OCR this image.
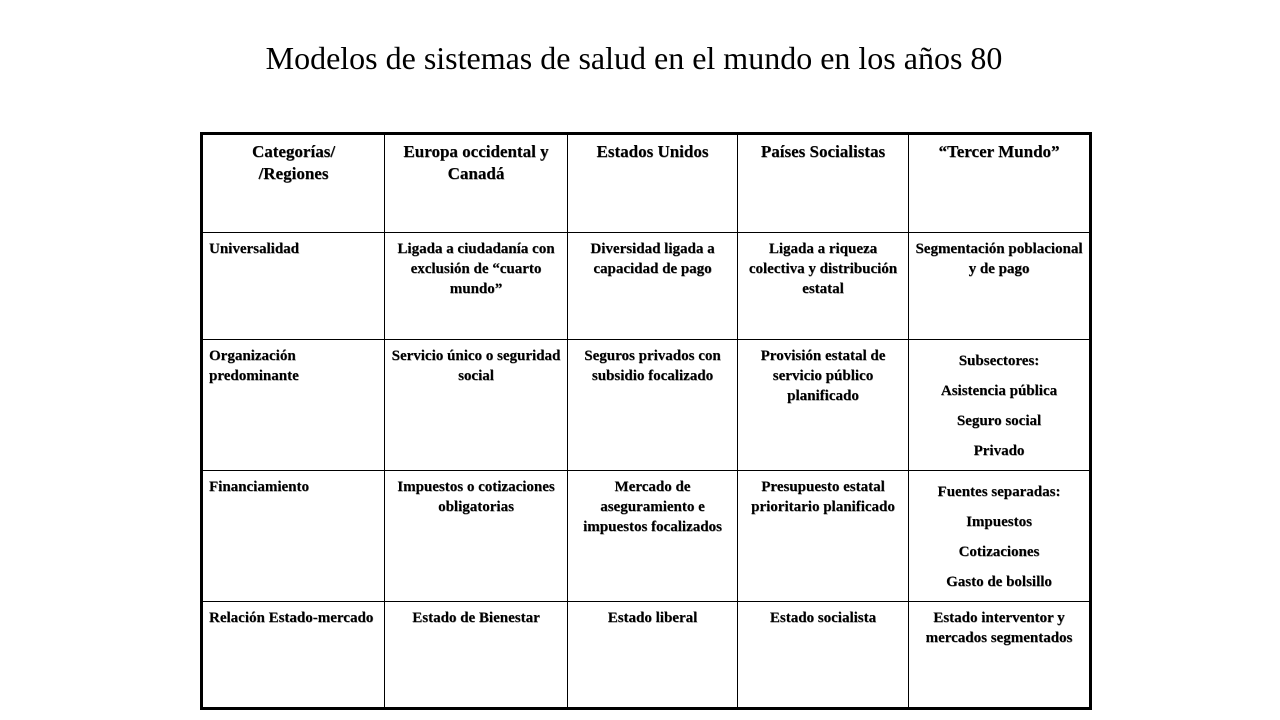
Modelos de sistemas de salud en el mundo en los años 80
Categorías/
/Regiones	Europa occidental y Canadá	Estados Unidos	Países Socialistas	“Tercer Mundo”
Universalidad	Ligada a ciudadanía con exclusión de “cuarto mundo”	Diversidad ligada a capacidad de pago	Ligada a riqueza colectiva y distribución estatal	Segmentación poblacional y de pago
Organización predominante	Servicio único o seguridad social	Seguros privados con subsidio focalizado	Provisión estatal de servicio público planificado	Subsectores:
Asistencia pública
Seguro social
Privado

Financiamiento	Impuestos o cotizaciones obligatorias	Mercado de aseguramiento e impuestos focalizados	Presupuesto estatal prioritario planificado	Fuentes separadas:
Impuestos
Cotizaciones
Gasto de bolsillo

Relación Estado-mercado	Estado de Bienestar	Estado liberal	Estado socialista	Estado interventor y mercados segmentados
